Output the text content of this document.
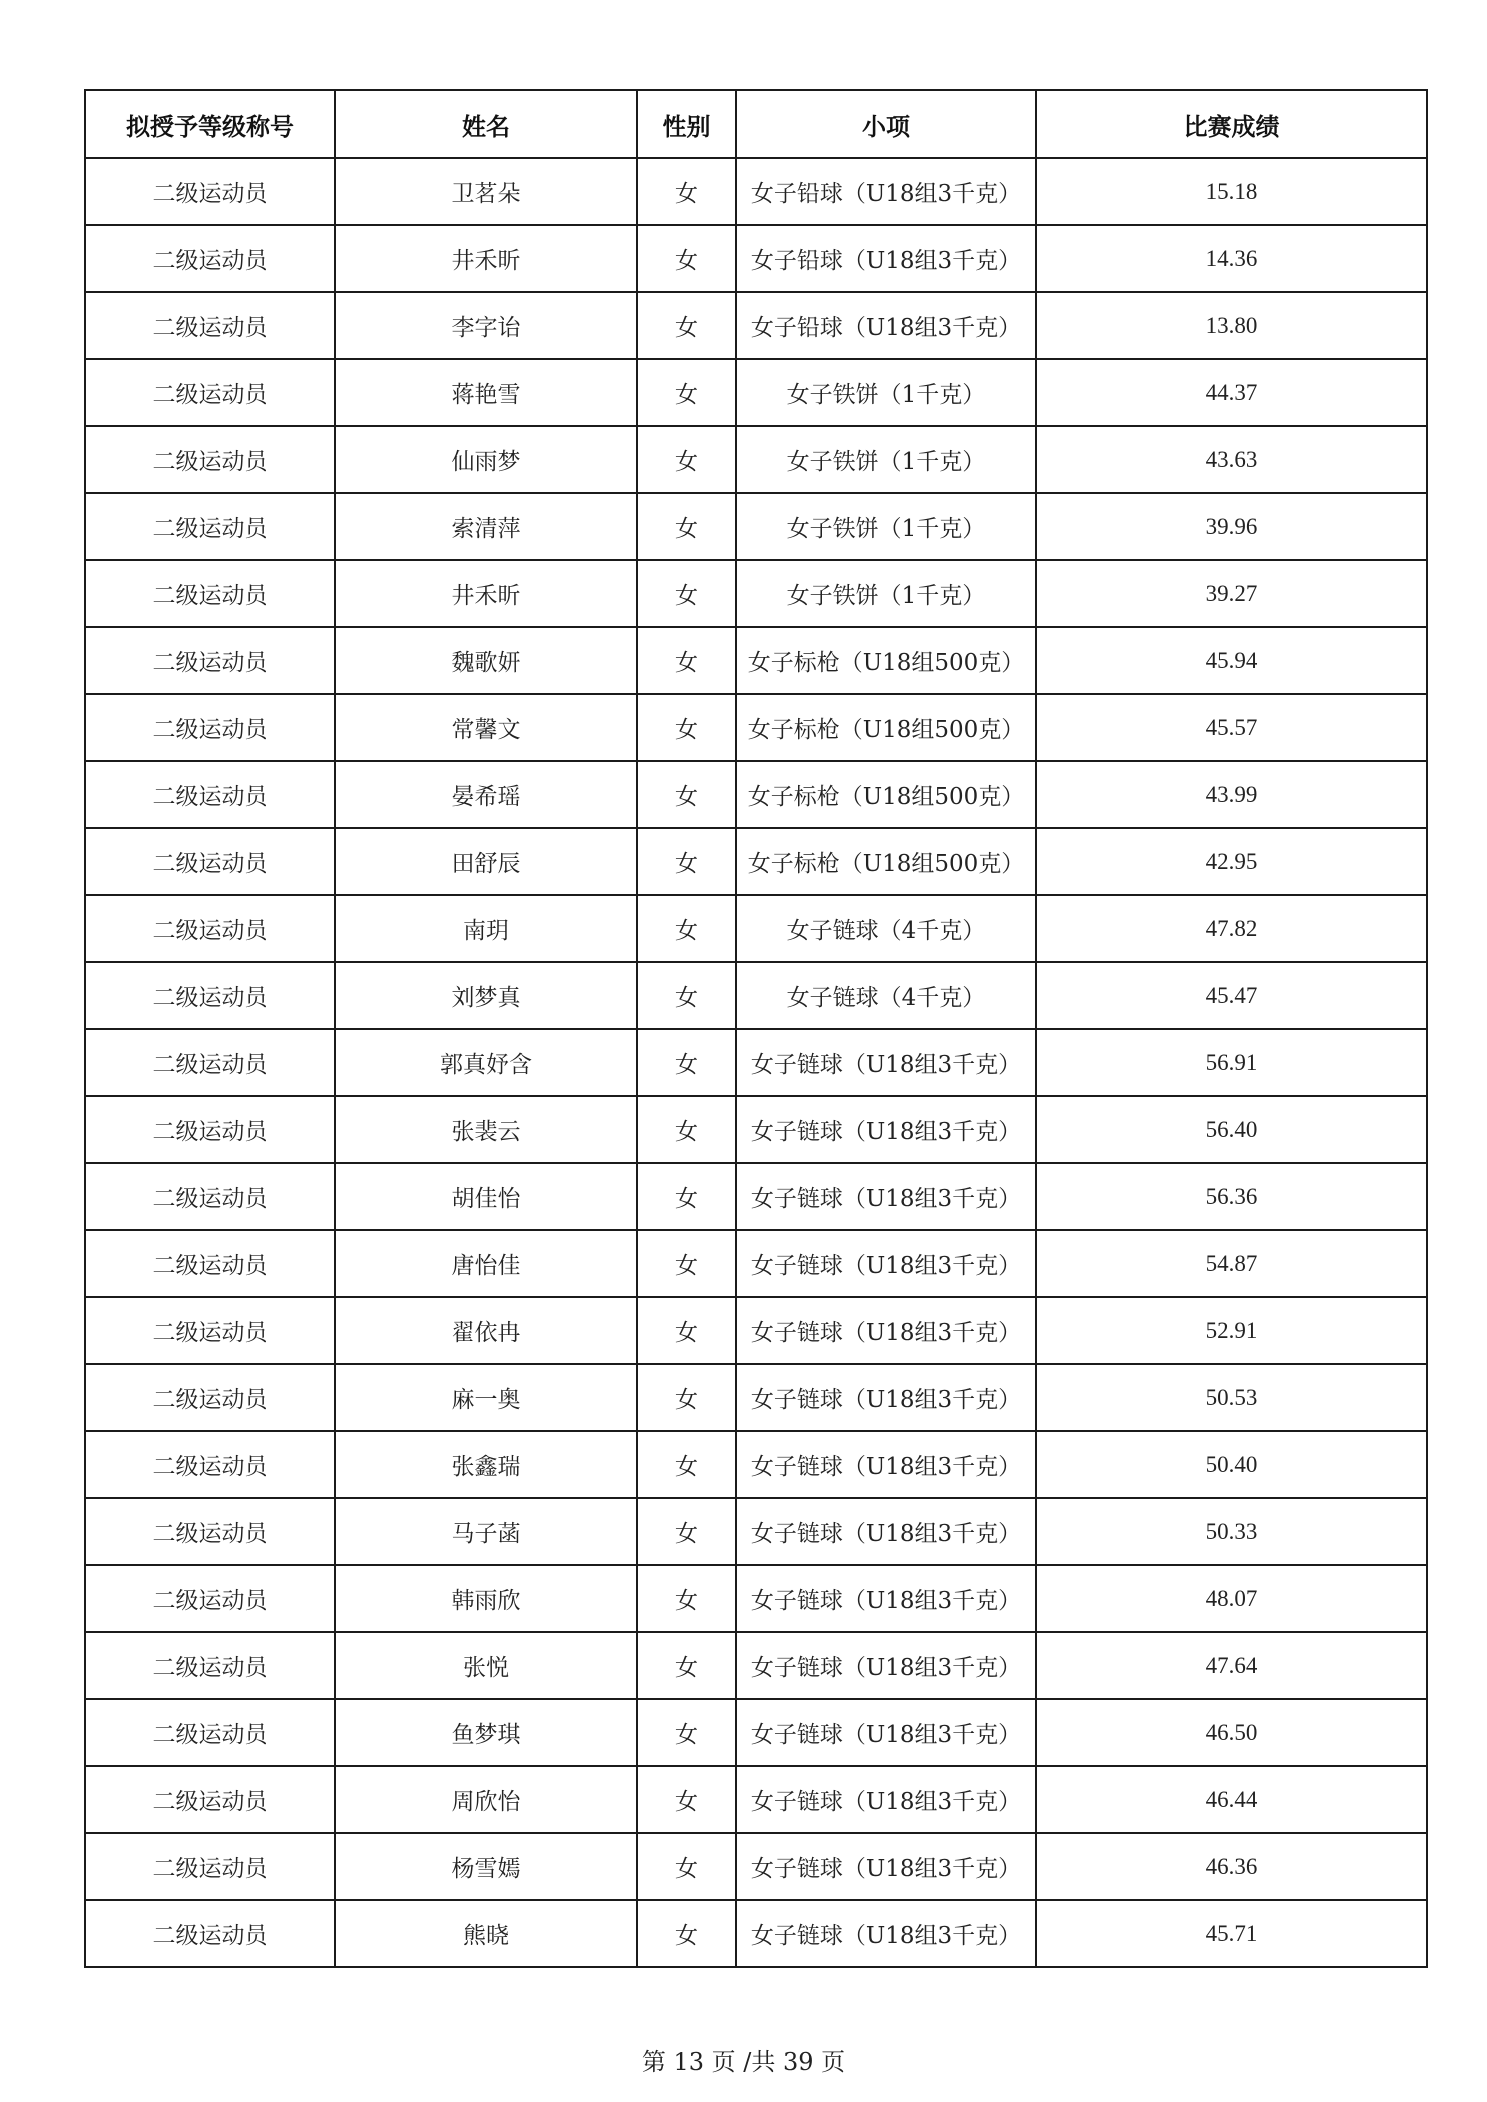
拟授予等级称号	姓名	性别	小项	比赛成绩
二级运动员	卫茗朵	女	女子铅球（U18组3千克）	15.18
二级运动员	井禾昕	女	女子铅球（U18组3千克）	14.36
二级运动员	李字诒	女	女子铅球（U18组3千克）	13.80
二级运动员	蒋艳雪	女	女子铁饼（1千克）	44.37
二级运动员	仙雨梦	女	女子铁饼（1千克）	43.63
二级运动员	索清萍	女	女子铁饼（1千克）	39.96
二级运动员	井禾昕	女	女子铁饼（1千克）	39.27
二级运动员	魏歌妍	女	女子标枪（U18组500克）	45.94
二级运动员	常馨文	女	女子标枪（U18组500克）	45.57
二级运动员	晏希瑶	女	女子标枪（U18组500克）	43.99
二级运动员	田舒辰	女	女子标枪（U18组500克）	42.95
二级运动员	南玥	女	女子链球（4千克）	47.82
二级运动员	刘梦真	女	女子链球（4千克）	45.47
二级运动员	郭真妤含	女	女子链球（U18组3千克）	56.91
二级运动员	张裴云	女	女子链球（U18组3千克）	56.40
二级运动员	胡佳怡	女	女子链球（U18组3千克）	56.36
二级运动员	唐怡佳	女	女子链球（U18组3千克）	54.87
二级运动员	翟依冉	女	女子链球（U18组3千克）	52.91
二级运动员	麻一奥	女	女子链球（U18组3千克）	50.53
二级运动员	张鑫瑞	女	女子链球（U18组3千克）	50.40
二级运动员	马子菡	女	女子链球（U18组3千克）	50.33
二级运动员	韩雨欣	女	女子链球（U18组3千克）	48.07
二级运动员	张悦	女	女子链球（U18组3千克）	47.64
二级运动员	鱼梦琪	女	女子链球（U18组3千克）	46.50
二级运动员	周欣怡	女	女子链球（U18组3千克）	46.44
二级运动员	杨雪嫣	女	女子链球（U18组3千克）	46.36
二级运动员	熊晓	女	女子链球（U18组3千克）	45.71
第 13 页 /共 39 页
